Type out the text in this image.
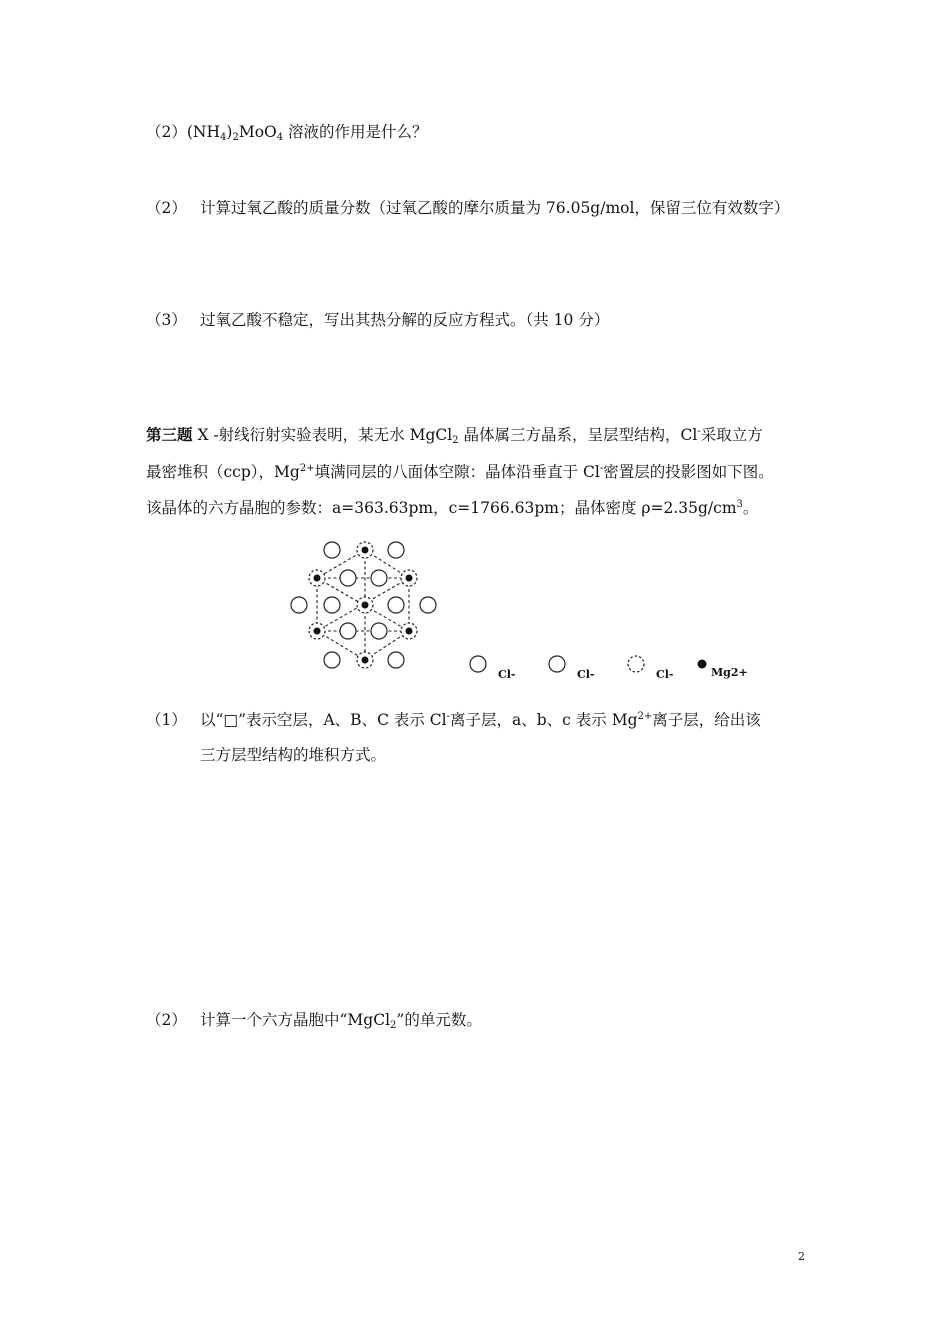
$(2)(NH_4)_2MoO_4$ 溶液的作用是什么？
（2） 计算过氧乙酸的质量分数（过氧乙酸的摩尔质量为 76.05g/mol，保留三位有效数字）
（3） 过氧乙酸不稳定，写出其热分解的反应方程式。（共 10 分）
第三题 X -射线衍射实验表明，某无水 MgCl$_2$ 晶体属三方晶系，呈层型结构，Cl-采取立方
最密堆积（ccp），$Mg^{2+}$填满同层的八面体空隙：晶体沿垂直于 Cl-密置层的投影图如下图。
该晶体的六方晶胞的参数：a=363.63pm，c=1766.63pm；晶体密度 $\rho=2.35g/cm^3$。
Cl-	Cl-	Cl-	Mg2+
（1） 以“□”表示空层，A、B、C 表示 Cl-离子层，a、b、c 表示 $Mg^{2+}$离子层，给出该
三方层型结构的堆积方式。
（2） 计算一个六方晶胞中“MgCl$_2$”的单元数。
2
